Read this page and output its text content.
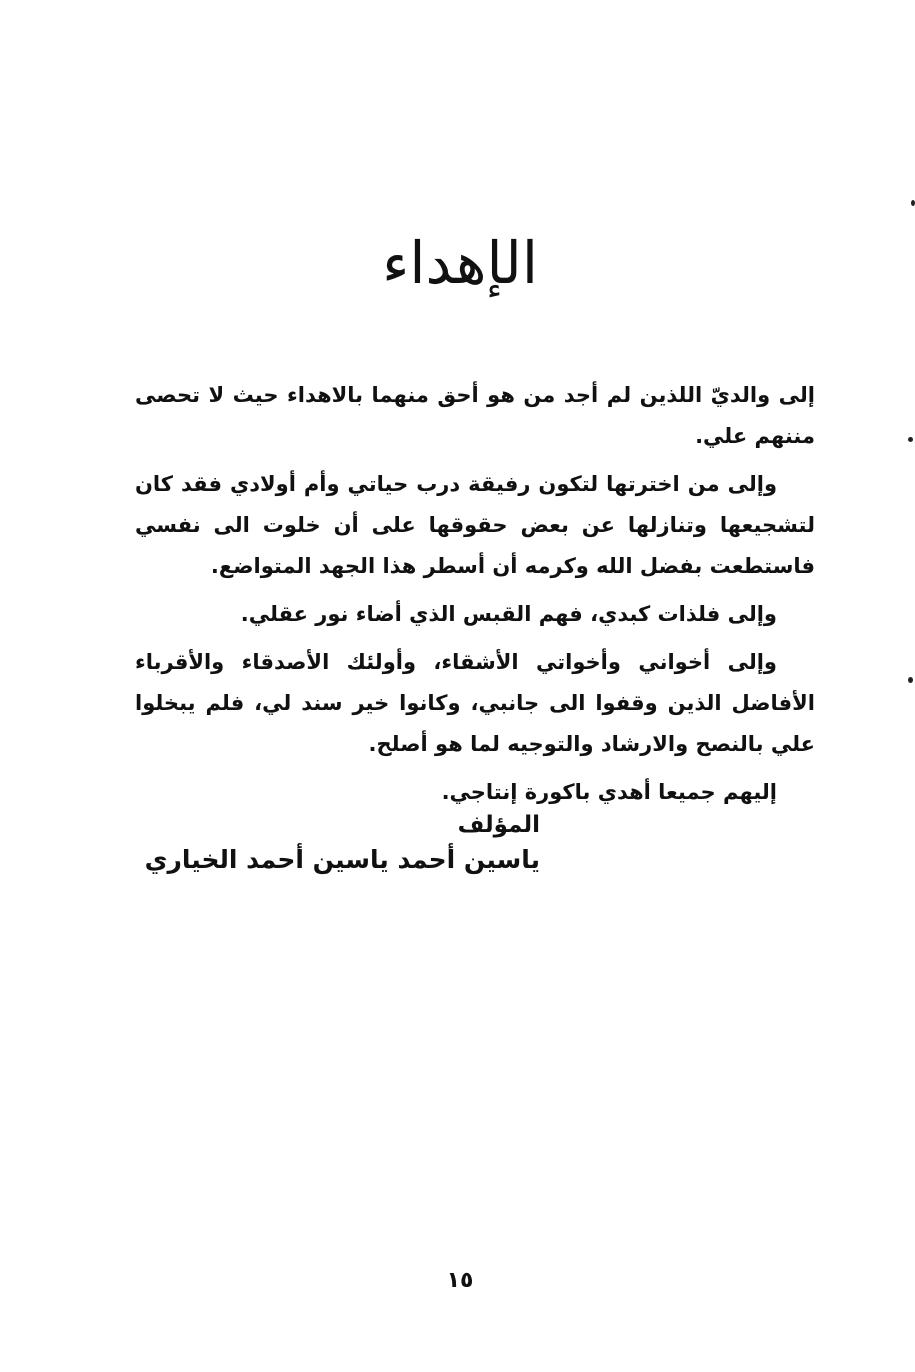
الإهداء

إلى والديّ اللذين لم أجد من هو أحق منهما بالاهداء حيث لا تحصى مننهم علي.

وإلى من اخترتها لتكون رفيقة درب حياتي وأم أولادي فقد كان لتشجيعها وتنازلها عن بعض حقوقها على أن خلوت الى نفسي فاستطعت بفضل الله وكرمه أن أسطر هذا الجهد المتواضع.

وإلى فلذات كبدي، فهم القبس الذي أضاء نور عقلي.

وإلى أخواني وأخواتي الأشقاء، وأولئك الأصدقاء والأقرباء الأفاضل الذين وقفوا الى جانبي، وكانوا خير سند لي، فلم يبخلوا علي بالنصح والارشاد والتوجيه لما هو أصلح.

إليهم جميعا أهدي باكورة إنتاجي.

المؤلف
ياسين أحمد ياسين أحمد الخياري
١٥
